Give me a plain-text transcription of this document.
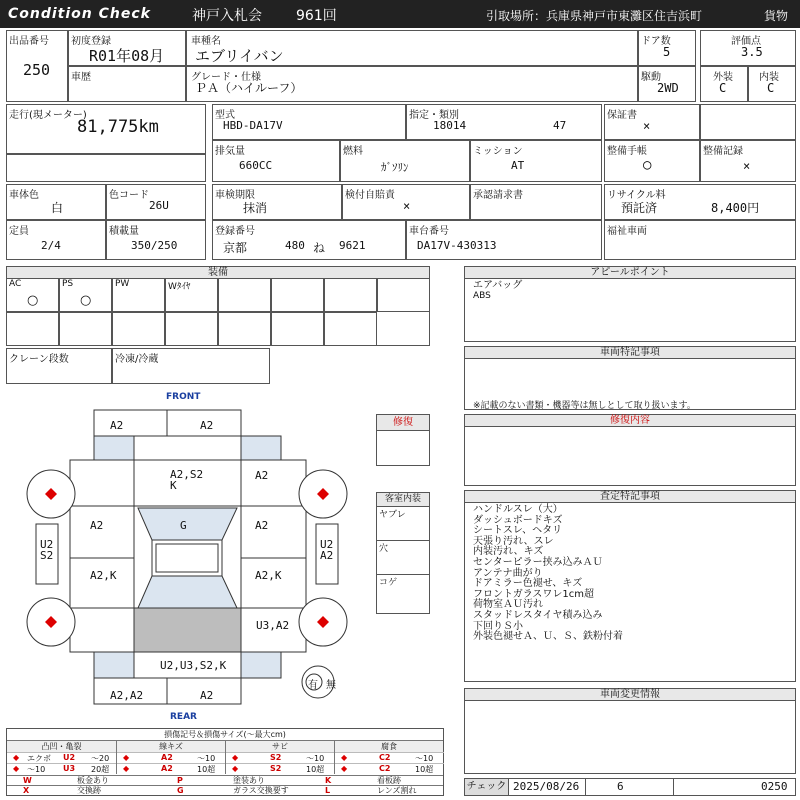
Condition Check	神戸入札会 961回	引取場所：兵庫県神戸市東灘区住吉浜町	貨物
出品番号
250
初度登録
R01年08月
車種名
エブリイバン
ドア数
5
評価点
3.5
車歴	グレード・仕様
ＰＡ（ハイルーフ）
駆動
2WD
外装
C
内装
C
走行(現メーター)
81,775km
型式
HBD-DA17V
指定・類別
18014	47
保証書
×
排気量
660CC
燃料
ｶﾞｿﾘﾝ
ミッション
AT
整備手帳
○
整備記録
×
車体色
白
色コード
26U
車検期限
抹消
検付自賠責
×
承認請求書	リサイクル料
預託済	8,400円
定員
2/4
積載量
350/250
登録番号
京都	480 ね 9621
車台番号
DA17V-430313
福祉車両
装備
AC
○
PS
○
PW	Wﾀｲﾔ
クレーン段数	冷凍/冷蔵
アピールポイント
エアバッグ
ABS
車両特記事項
※記載のない書類・機器等は無しとして取り扱います。
修復内容
査定特記事項
ハンドルスレ（大）
ダッシュボードキズ
シートスレ、ヘタリ
天張り汚れ、スレ
内装汚れ、キズ
センターピラー挟み込みＡＵ
アンテナ曲がり
ドアミラー色褪せ、キズ
フロントガラスワレ1cm超
荷物室ＡＵ汚れ
スタッドレスタイヤ積み込み
下回りＳ小
外装色褪せＡ、Ｕ、Ｓ、鉄粉付着
車両変更情報
チェック 2025/08/26	6	0250
修復
客室内装
ヤブレ
穴
コゲ
FRONT
REAR
A2	A2
A2,S2
K
A2
G
A2	A2
A2,K	A2,K
U2
S2
U2
A2
U3,A2
U2,U3,S2,K
A2,A2	A2
有 無
損傷記号＆損傷サイズ(〜最大cm)
凸凹・亀裂
◆ エクボ U2 〜20
◆ 〜10 U3 20超
線キズ
◆	A2	〜10
◆	A2	10超
サビ
◆	S2	〜10
◆	S2	10超
腐食
◆	C2	〜10
◆	C2	10超
W	板金あり	P	塗装あり	K	看板跡
X	交換跡	G	ガラス交換要す	L	レンズ割れ
